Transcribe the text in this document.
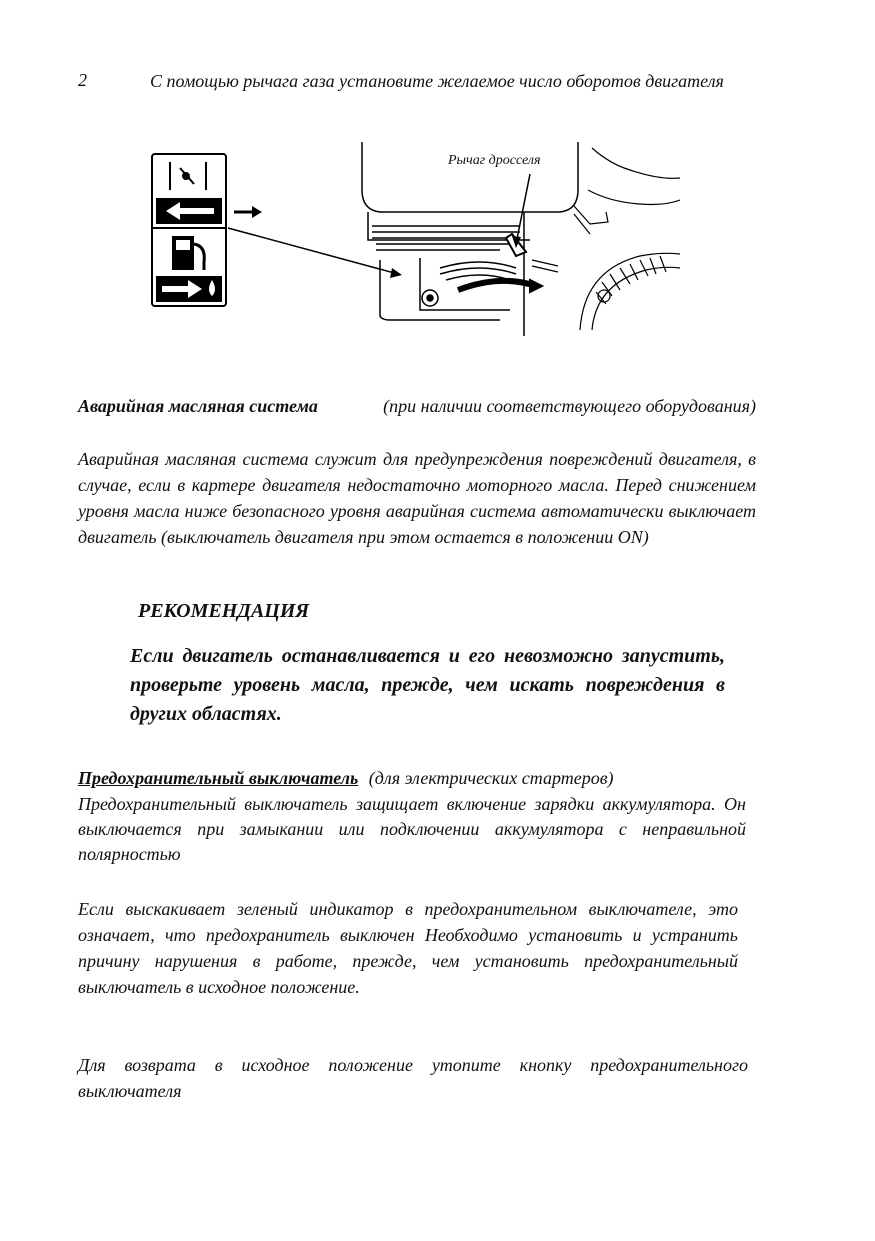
2	С помощью рычага газа установите желаемое число оборотов двигателя
Рычаг дросселя
Аварийная масляная система	(при наличии соответствующего оборудования)
Аварийная масляная система служит для предупреждения повреждений двигателя, в случае, если в картере двигателя недостаточно моторного масла. Перед снижением уровня масла ниже безопасного уровня аварийная система автоматически выключает двигатель (выключатель двигателя при этом остается в положении ON)
РЕКОМЕНДАЦИЯ
Если двигатель останавливается и его невозможно запустить, проверьте уровень масла, прежде, чем искать повреждения в других областях.
Предохранительный выключатель (для электрических стартеров)
Предохранительный выключатель защищает включение зарядки аккумулятора. Он выключается при замыкании или подключении аккумулятора с неправильной полярностью
Если выскакивает зеленый индикатор в предохранительном выключателе, это означает, что предохранитель выключен Необходимо установить и устранить причину нарушения в работе, прежде, чем установить предохранительный выключатель в исходное положение.
Для возврата в исходное положение утопите кнопку предохранительного выключателя
